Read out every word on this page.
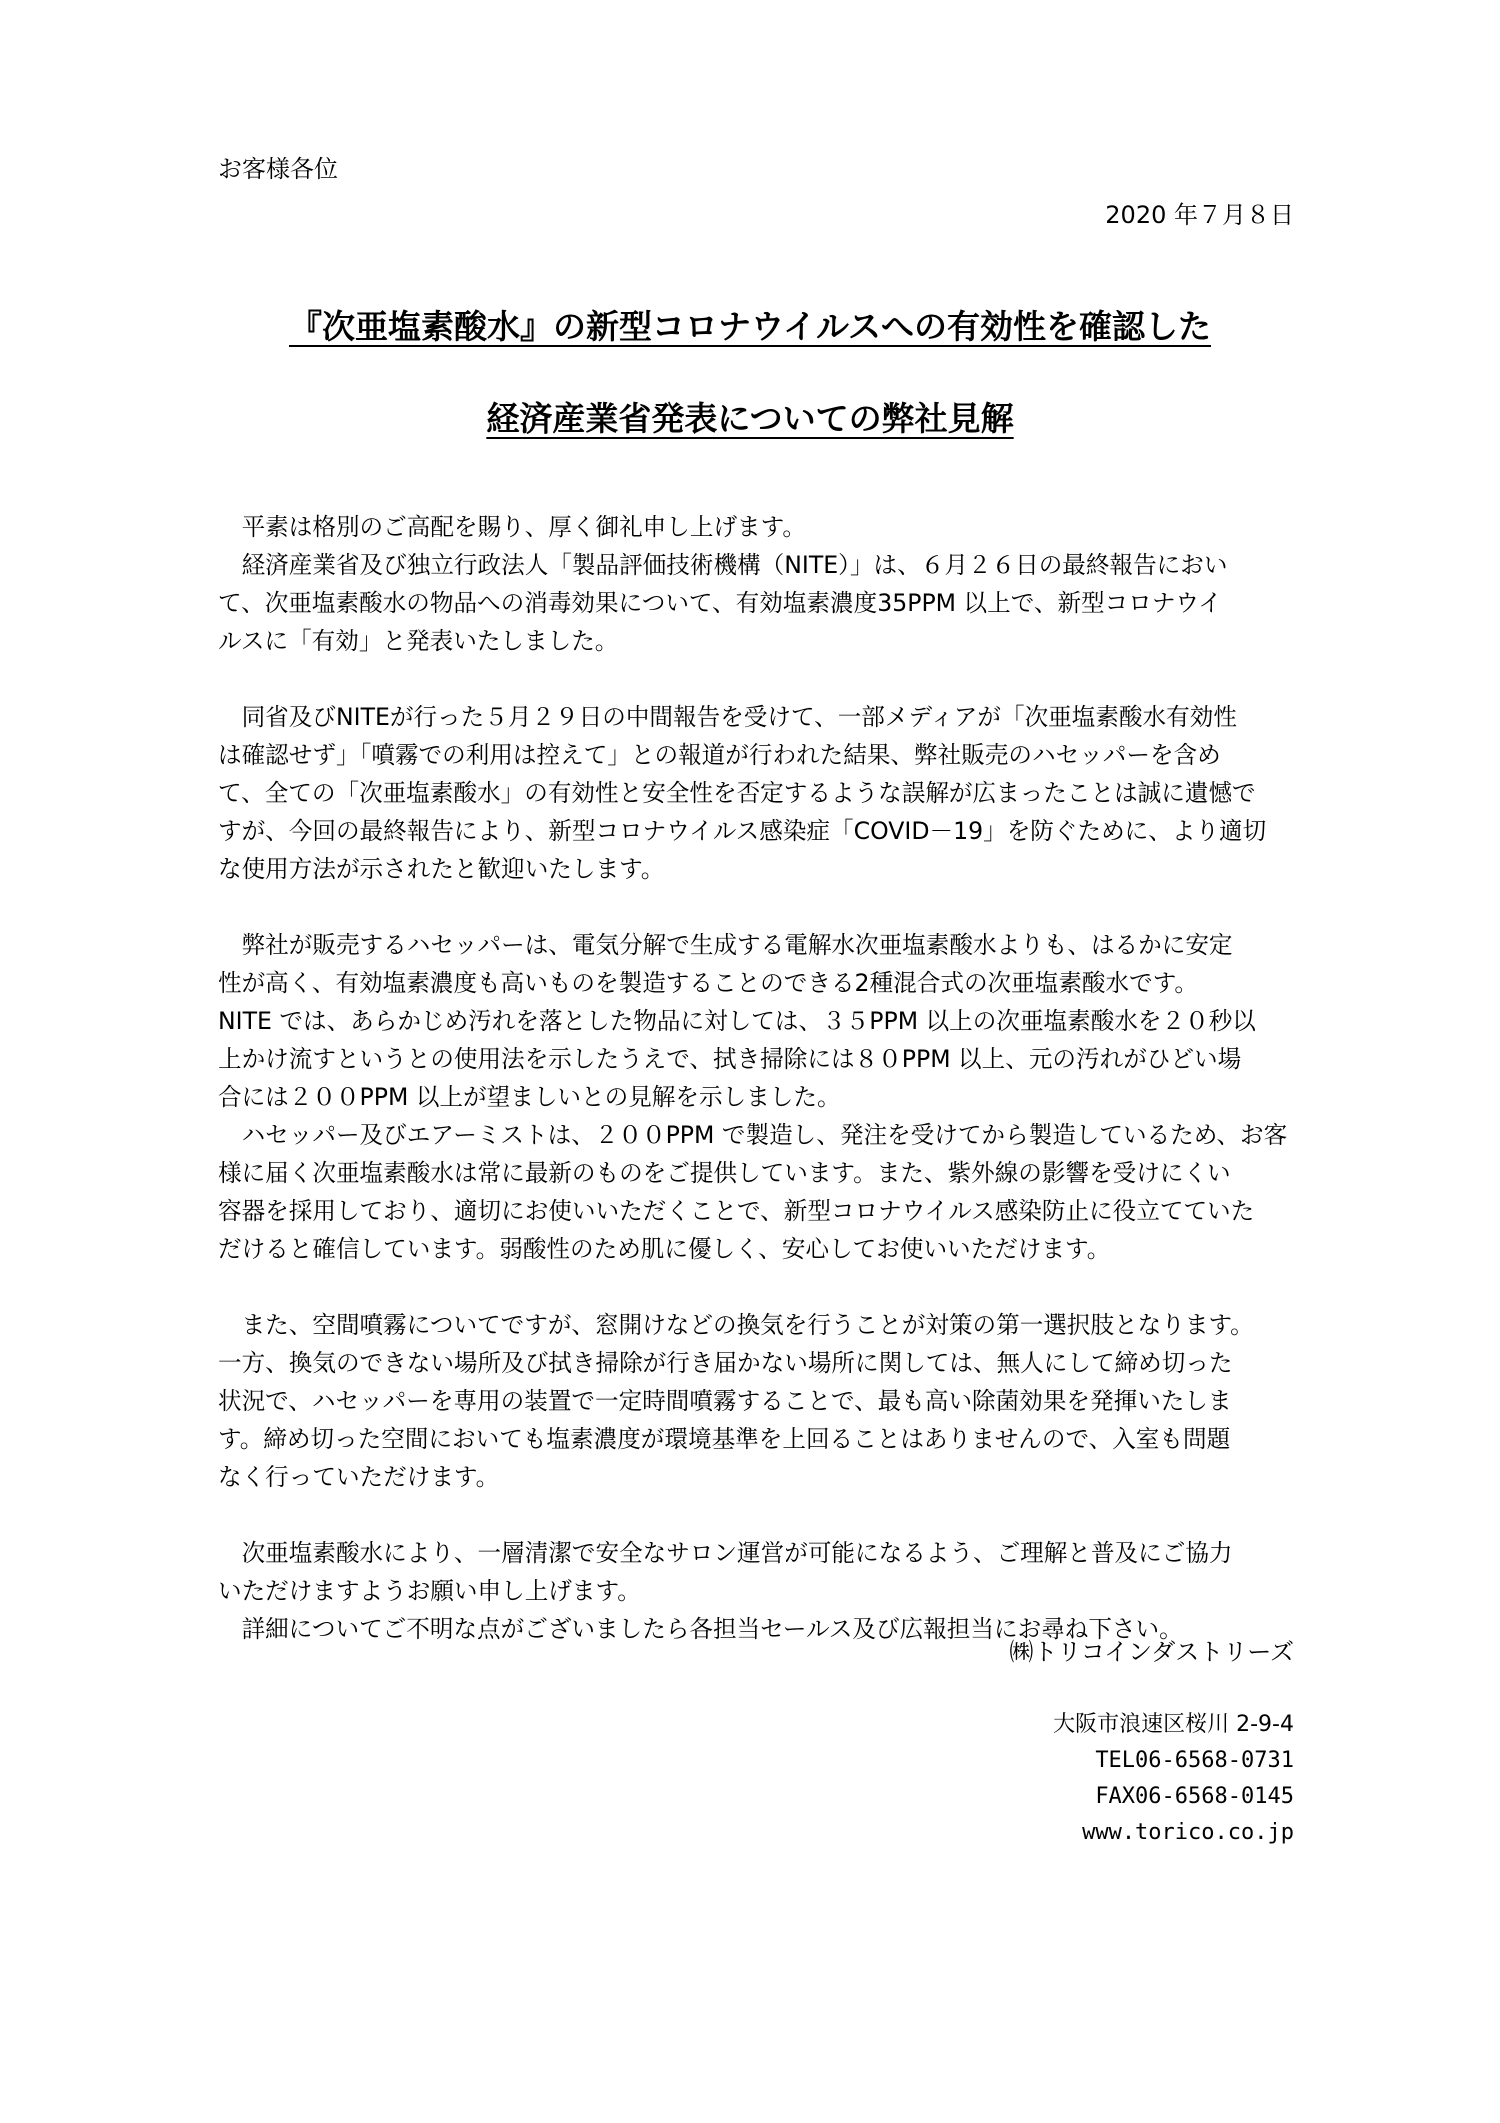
お客様各位
2020 年７月８日
『次亜塩素酸水』の新型コロナウイルスへの有効性を確認した
経済産業省発表についての弊社見解
　平素は格別のご高配を賜り、厚く御礼申し上げます。
　経済産業省及び独立行政法人「製品評価技術機構（NITE）」は、６月２６日の最終報告におい
て、次亜塩素酸水の物品への消毒効果について、有効塩素濃度35PPM 以上で、新型コロナウイ
ルスに「有効」と発表いたしました。
　同省及びNITEが行った５月２９日の中間報告を受けて、一部メディアが「次亜塩素酸水有効性
は確認せず」「噴霧での利用は控えて」との報道が行われた結果、弊社販売のハセッパーを含め
て、全ての「次亜塩素酸水」の有効性と安全性を否定するような誤解が広まったことは誠に遺憾で
すが、今回の最終報告により、新型コロナウイルス感染症「COVID－19」を防ぐために、より適切
な使用方法が示されたと歓迎いたします。
　弊社が販売するハセッパーは、電気分解で生成する電解水次亜塩素酸水よりも、はるかに安定
性が高く、有効塩素濃度も高いものを製造することのできる2種混合式の次亜塩素酸水です。
NITE では、あらかじめ汚れを落とした物品に対しては、３５PPM 以上の次亜塩素酸水を２０秒以
上かけ流すというとの使用法を示したうえで、拭き掃除には８０PPM 以上、元の汚れがひどい場
合には２００PPM 以上が望ましいとの見解を示しました。
　ハセッパー及びエアーミストは、２００PPM で製造し、発注を受けてから製造しているため、お客
様に届く次亜塩素酸水は常に最新のものをご提供しています。また、紫外線の影響を受けにくい
容器を採用しており、適切にお使いいただくことで、新型コロナウイルス感染防止に役立てていた
だけると確信しています。弱酸性のため肌に優しく、安心してお使いいただけます。
　また、空間噴霧についてですが、窓開けなどの換気を行うことが対策の第一選択肢となります。
一方、換気のできない場所及び拭き掃除が行き届かない場所に関しては、無人にして締め切った
状況で、ハセッパーを専用の装置で一定時間噴霧することで、最も高い除菌効果を発揮いたしま
す。締め切った空間においても塩素濃度が環境基準を上回ることはありませんので、入室も問題
なく行っていただけます。
　次亜塩素酸水により、一層清潔で安全なサロン運営が可能になるよう、ご理解と普及にご協力
いただけますようお願い申し上げます。
　詳細についてご不明な点がございましたら各担当セールス及び広報担当にお尋ね下さい。
㈱トリコインダストリーズ
大阪市浪速区桜川 2-9-4
TEL06-6568-0731
FAX06-6568-0145
www.torico.co.jp
